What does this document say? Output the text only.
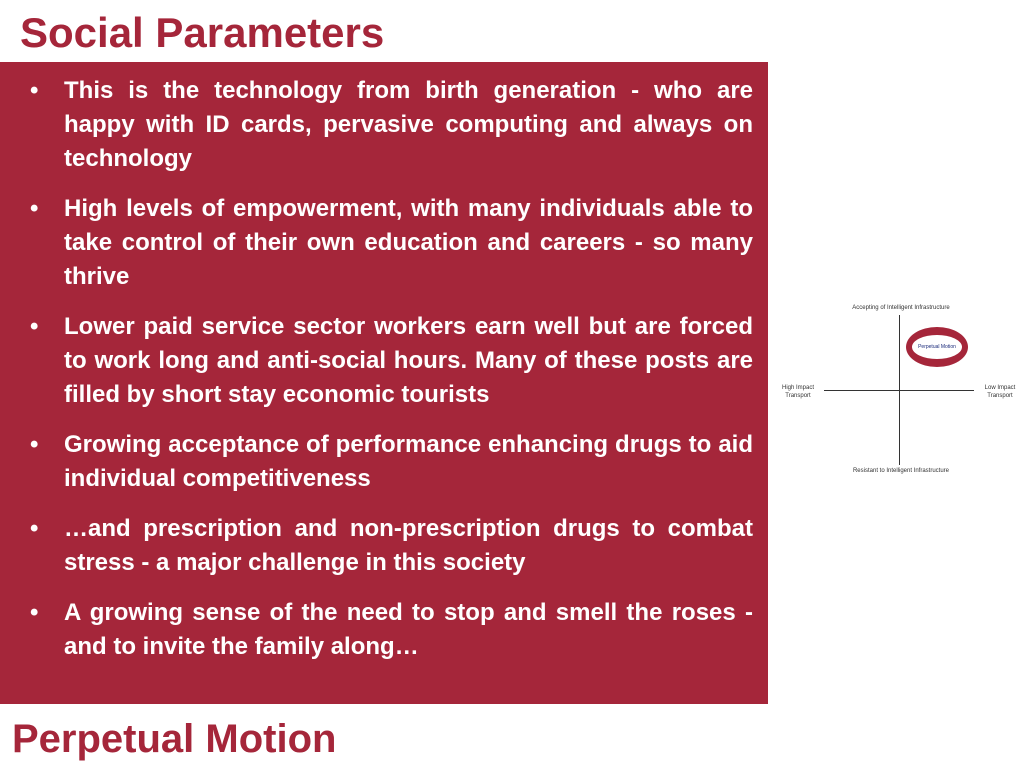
Social Parameters
•	This is the technology from birth generation - who are happy with ID cards, pervasive computing and always on technology
•	High levels of empowerment, with many individuals able to take control of their own education and careers - so many thrive
•	Lower paid service sector workers earn well but are forced to work long and anti-social hours. Many of these posts are filled by short stay economic tourists
•	Growing acceptance of performance enhancing drugs to aid individual competitiveness
•	…and prescription and non-prescription drugs to combat stress - a major challenge in this society
•	A growing sense of the need to stop and smell the roses - and to invite the family along…
Accepting of Intelligent Infrastructure
High Impact Transport
Low Impact Transport
Resistant to Intelligent Infrastructure
Perpetual Motion
Perpetual Motion
